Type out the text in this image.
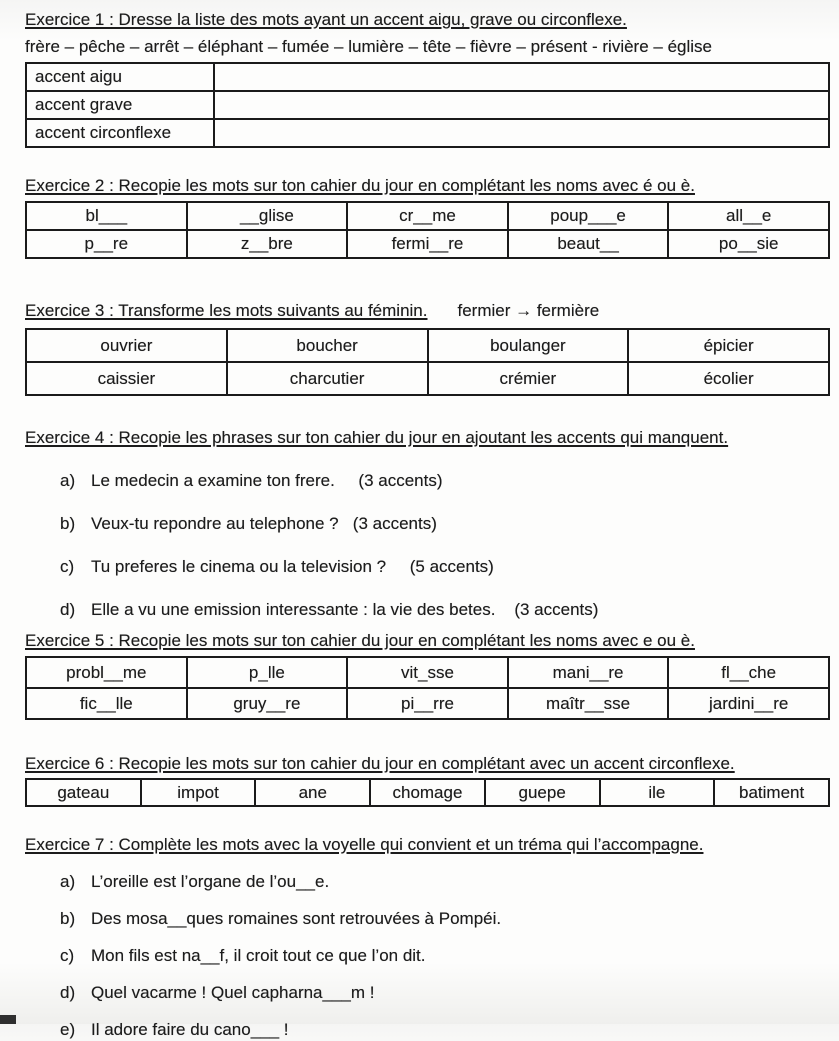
Exercice 1 : Dresse la liste des mots ayant un accent aigu, grave ou circonflexe.
frère – pêche – arrêt – éléphant – fumée – lumière – tête – fièvre – présent - rivière – église
accent aigu	
accent grave	
accent circonflexe	
Exercice 2 : Recopie les mots sur ton cahier du jour en complétant les noms avec é ou è.
bl___	__glise	cr__me	poup___e	all__e
p__re	z__bre	fermi__re	beaut__	po__sie
Exercice 3 : Transforme les mots suivants au féminin. fermier → fermière
ouvrier	boucher	boulanger	épicier
caissier	charcutier	crémier	écolier
Exercice 4 : Recopie les phrases sur ton cahier du jour en ajoutant les accents qui manquent.
a) Le medecin a examine ton frere.     (3 accents)
b) Veux-tu repondre au telephone ?   (3 accents)
c) Tu preferes le cinema ou la television ?     (5 accents)
d) Elle a vu une emission interessante : la vie des betes.    (3 accents)
Exercice 5 : Recopie les mots sur ton cahier du jour en complétant les noms avec e ou è.
probl__me	p_lle	vit_sse	mani__re	fl__che
fic__lle	gruy__re	pi__rre	maîtr__sse	jardini__re
Exercice 6 : Recopie les mots sur ton cahier du jour en complétant avec un accent circonflexe.
gateau	impot	ane	chomage	guepe	ile	batiment
Exercice 7 : Complète les mots avec la voyelle qui convient et un tréma qui l’accompagne.
a) L’oreille est l’organe de l’ou__e.
b) Des mosa__ques romaines sont retrouvées à Pompéi.
c) Mon fils est na__f, il croit tout ce que l’on dit.
d) Quel vacarme ! Quel capharna___m !
e) Il adore faire du cano___ !
